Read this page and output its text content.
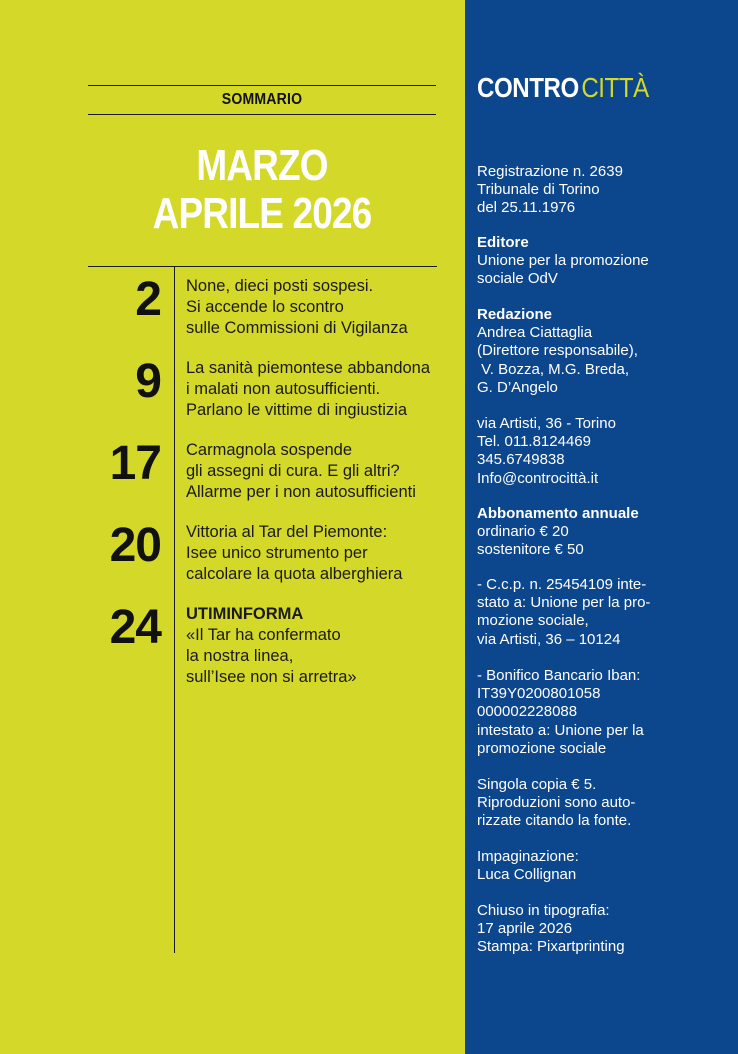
SOMMARIO
MARZO
APRILE 2026
2 None, dieci posti sospesi.
Si accende lo scontro
sulle Commissioni di Vigilanza
9 La sanità piemontese abbandona
i malati non autosufficienti.
Parlano le vittime di ingiustizia
17 Carmagnola sospende
gli assegni di cura. E gli altri?
Allarme per i non autosufficienti
20 Vittoria al Tar del Piemonte:
Isee unico strumento per
calcolare la quota alberghiera
24 UTIMINFORMA
«Il Tar ha confermato
la nostra linea,
sull’Isee non si arretra»
CONTROCITTÀ
Registrazione n. 2639
Tribunale di Torino
del 25.11.1976
Editore
Unione per la promozione
sociale OdV
Redazione
Andrea Ciattaglia
(Direttore responsabile),
V. Bozza, M.G. Breda,
G. D’Angelo
via Artisti, 36 - Torino
Tel. 011.8124469
345.6749838
Info@controcittà.it
Abbonamento annuale
ordinario € 20
sostenitore € 50
- C.c.p. n. 25454109 inte-
stato a: Unione per la pro-
mozione sociale,
via Artisti, 36 – 10124
- Bonifico Bancario Iban:
IT39Y0200801058
000002228088
intestato a: Unione per la
promozione sociale
Singola copia € 5.
Riproduzioni sono auto-
rizzate citando la fonte.
Impaginazione:
Luca Collignan
Chiuso in tipografia:
17 aprile 2026
Stampa: Pixartprinting
